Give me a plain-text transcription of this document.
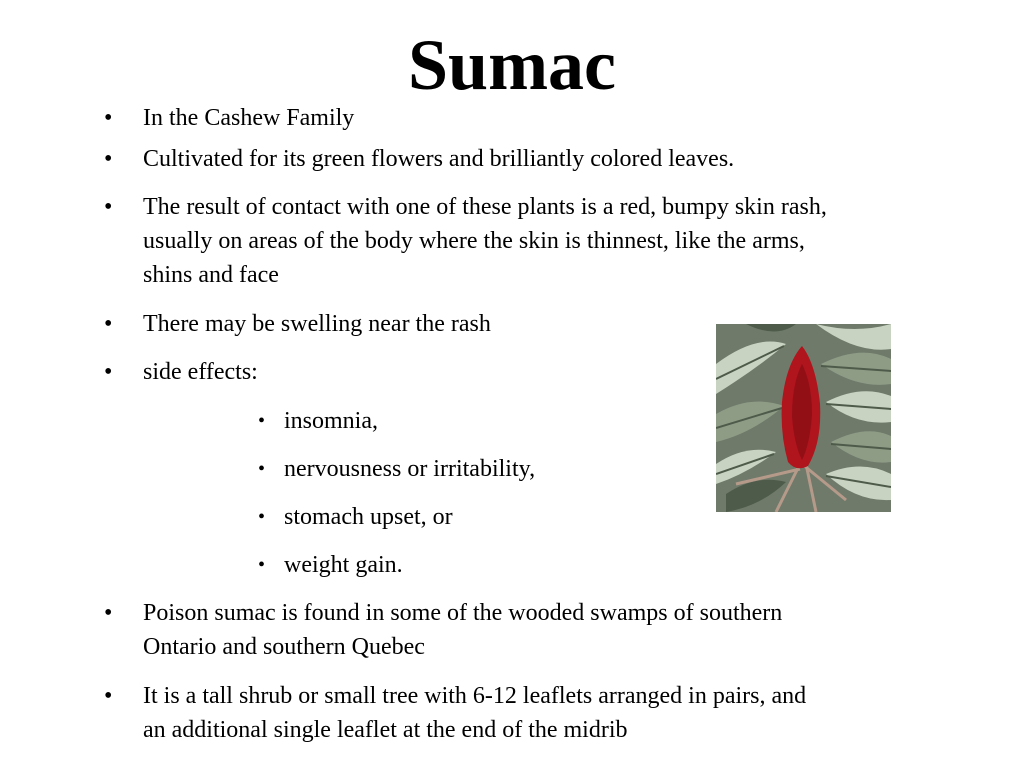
Sumac
• In the Cashew Family
• Cultivated for its green flowers and brilliantly colored leaves.
• The result of contact with one of these plants is a red, bumpy skin rash,
usually on areas of the body where the skin is thinnest, like the arms,
shins and face
• There may be swelling near the rash
• side effects:
• insomnia,
• nervousness or irritability,
• stomach upset, or
• weight gain.
• Poison sumac is found in some of the wooded swamps of southern
Ontario and southern Quebec
• It is a tall shrub or small tree with 6-12 leaflets arranged in pairs, and
an additional single leaflet at the end of the midrib
